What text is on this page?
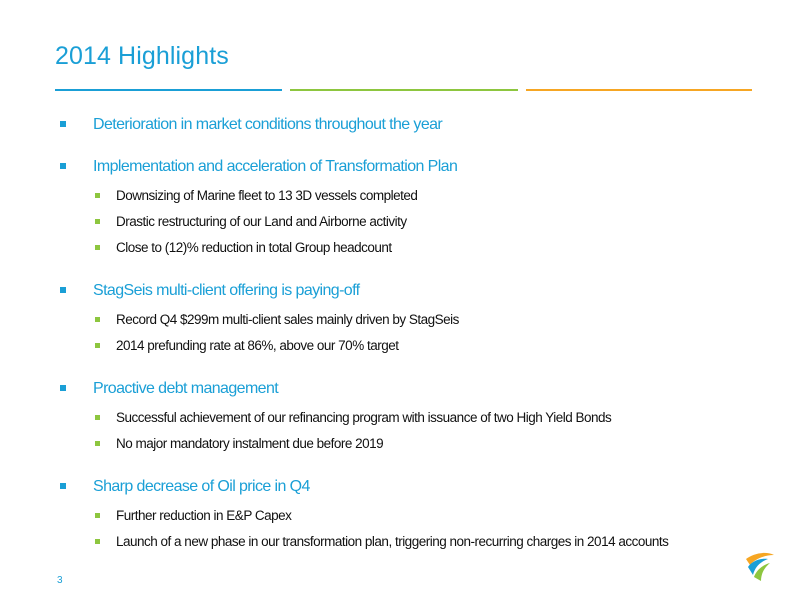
2014 Highlights
Deterioration in market conditions throughout the year
Implementation and acceleration of Transformation Plan
Downsizing of Marine fleet to 13 3D vessels completed
Drastic restructuring of our Land and Airborne activity
Close to (12)% reduction in total Group headcount
StagSeis multi-client offering is paying-off
Record Q4 $299m multi-client sales mainly driven by StagSeis
2014 prefunding rate at 86%, above our 70% target
Proactive debt management
Successful achievement of our refinancing program with issuance of two High Yield Bonds
No major mandatory instalment due before 2019
Sharp decrease of Oil price in Q4
Further reduction in E&P Capex
Launch of a new phase in our transformation plan, triggering non-recurring charges in 2014 accounts
3
